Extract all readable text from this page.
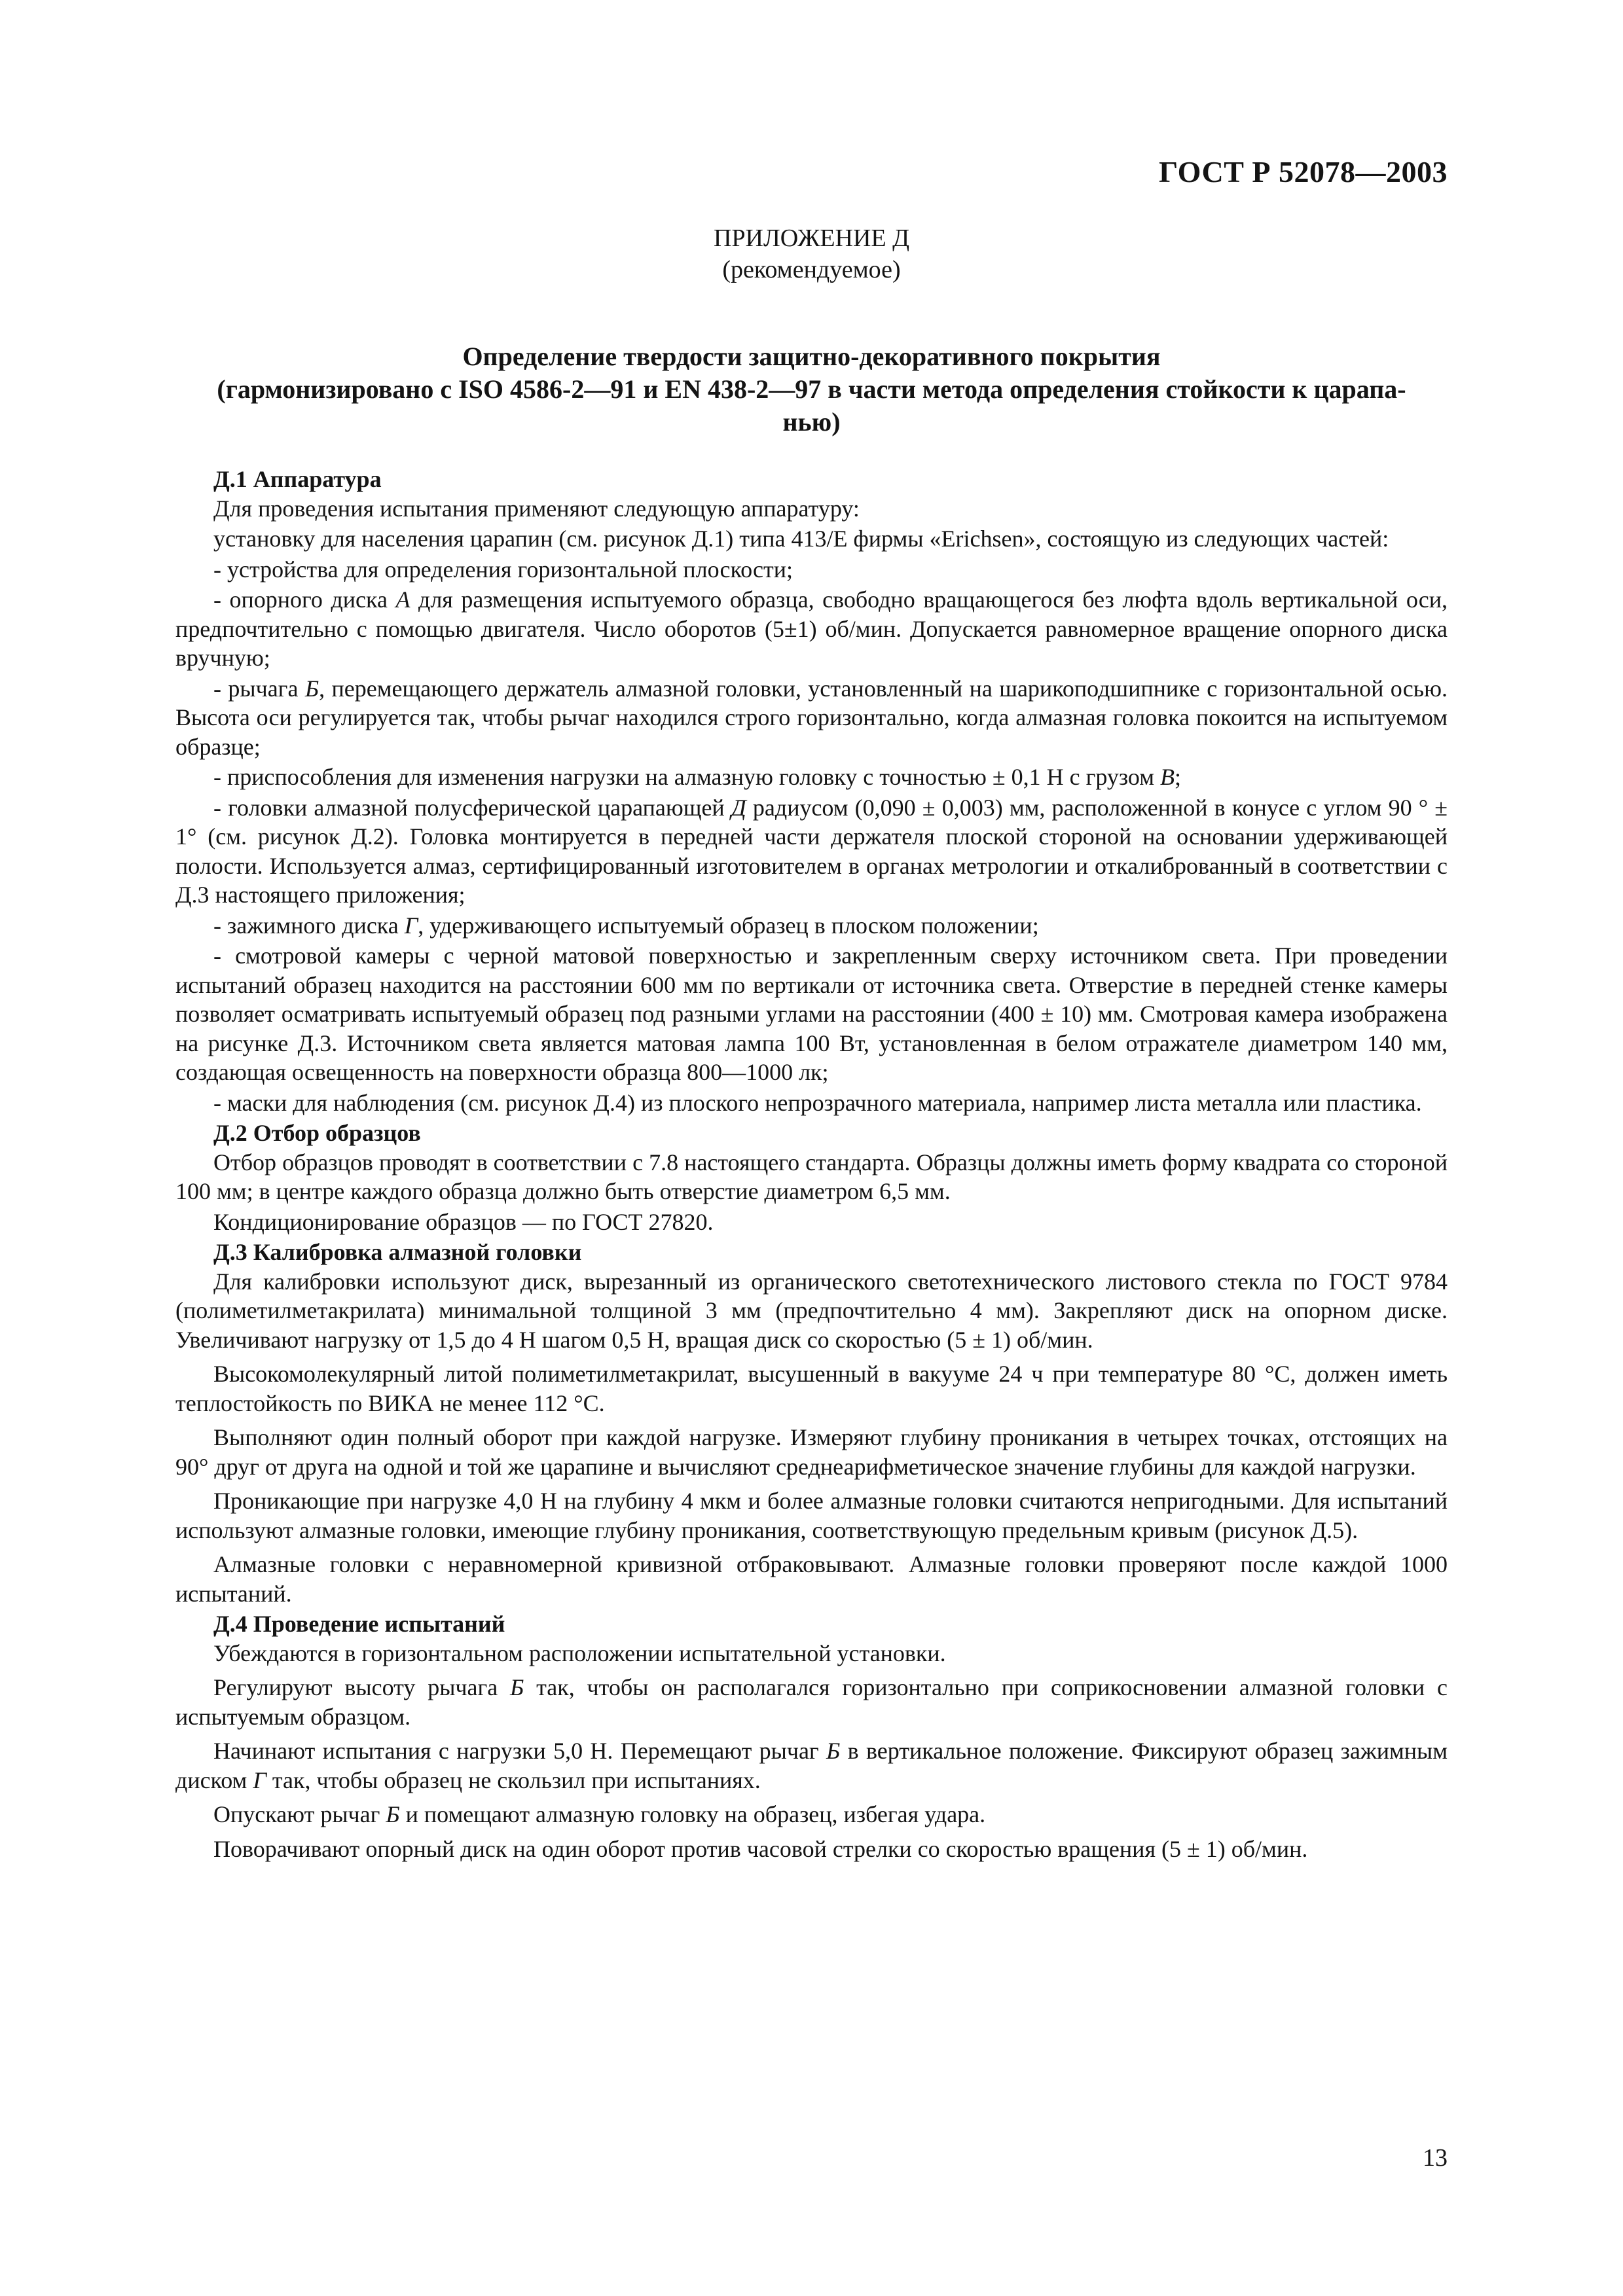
ГОСТ Р 52078—2003
ПРИЛОЖЕНИЕ Д
(рекомендуемое)
Определение твердости защитно-декоративного покрытия
(гармонизировано с ISO 4586-2—91 и EN 438-2—97 в части метода определения стойкости к царапа-
нью)
Д.1 Аппаратура

Для проведения испытания применяют следующую аппаратуру:

установку для населения царапин (см. рисунок Д.1) типа 413/Е фирмы «Erichsen», состоящую из следующих частей:

- устройства для определения горизонтальной плоскости;

- опорного диска А для размещения испытуемого образца, свободно вращающегося без люфта вдоль вертикальной оси, предпочтительно с помощью двигателя. Число оборотов (5±1) об/мин. Допускается равномерное вращение опорного диска вручную;

- рычага Б, перемещающего держатель алмазной головки, установленный на шарикоподшипнике с горизонтальной осью. Высота оси регулируется так, чтобы рычаг находился строго горизонтально, когда алмазная головка покоится на испытуемом образце;

- приспособления для изменения нагрузки на алмазную головку с точностью ± 0,1 Н с грузом В;

- головки алмазной полусферической царапающей Д радиусом (0,090 ± 0,003) мм, расположенной в конусе с углом 90 ° ± 1° (см. рисунок Д.2). Головка монтируется в передней части держателя плоской стороной на основании удерживающей полости. Используется алмаз, сертифицированный изготовителем в органах метрологии и откалиброванный в соответствии с Д.3 настоящего приложения;

- зажимного диска Г, удерживающего испытуемый образец в плоском положении;

- смотровой камеры с черной матовой поверхностью и закрепленным сверху источником света. При проведении испытаний образец находится на расстоянии 600 мм по вертикали от источника света. Отверстие в передней стенке камеры позволяет осматривать испытуемый образец под разными углами на расстоянии (400 ± 10) мм. Смотровая камера изображена на рисунке Д.3. Источником света является матовая лампа 100 Вт, установленная в белом отражателе диаметром 140 мм, создающая освещенность на поверхности образца 800—1000 лк;

- маски для наблюдения (см. рисунок Д.4) из плоского непрозрачного материала, например листа металла или пластика.

Д.2 Отбор образцов

Отбор образцов проводят в соответствии с 7.8 настоящего стандарта. Образцы должны иметь форму квадрата со стороной 100 мм; в центре каждого образца должно быть отверстие диаметром 6,5 мм.

Кондиционирование образцов — по ГОСТ 27820.

Д.3 Калибровка алмазной головки

Для калибровки используют диск, вырезанный из органического светотехнического листового стекла по ГОСТ 9784 (полиметилметакрилата) минимальной толщиной 3 мм (предпочтительно 4 мм). Закрепляют диск на опорном диске. Увеличивают нагрузку от 1,5 до 4 Н шагом 0,5 Н, вращая диск со скоростью (5 ± 1) об/мин.

Высокомолекулярный литой полиметилметакрилат, высушенный в вакууме 24 ч при температуре 80 °С, должен иметь теплостойкость по ВИКА не менее 112 °С.

Выполняют один полный оборот при каждой нагрузке. Измеряют глубину проникания в четырех точках, отстоящих на 90° друг от друга на одной и той же царапине и вычисляют среднеарифметическое значение глубины для каждой нагрузки.

Проникающие при нагрузке 4,0 Н на глубину 4 мкм и более алмазные головки считаются непригодными. Для испытаний используют алмазные головки, имеющие глубину проникания, соответствующую предельным кривым (рисунок Д.5).

Алмазные головки с неравномерной кривизной отбраковывают. Алмазные головки проверяют после каждой 1000 испытаний.

Д.4 Проведение испытаний

Убеждаются в горизонтальном расположении испытательной установки.

Регулируют высоту рычага Б так, чтобы он располагался горизонтально при соприкосновении алмазной головки с испытуемым образцом.

Начинают испытания с нагрузки 5,0 Н. Перемещают рычаг Б в вертикальное положение. Фиксируют образец зажимным диском Г так, чтобы образец не скользил при испытаниях.

Опускают рычаг Б и помещают алмазную головку на образец, избегая удара.

Поворачивают опорный диск на один оборот против часовой стрелки со скоростью вращения (5 ± 1) об/мин.

13
